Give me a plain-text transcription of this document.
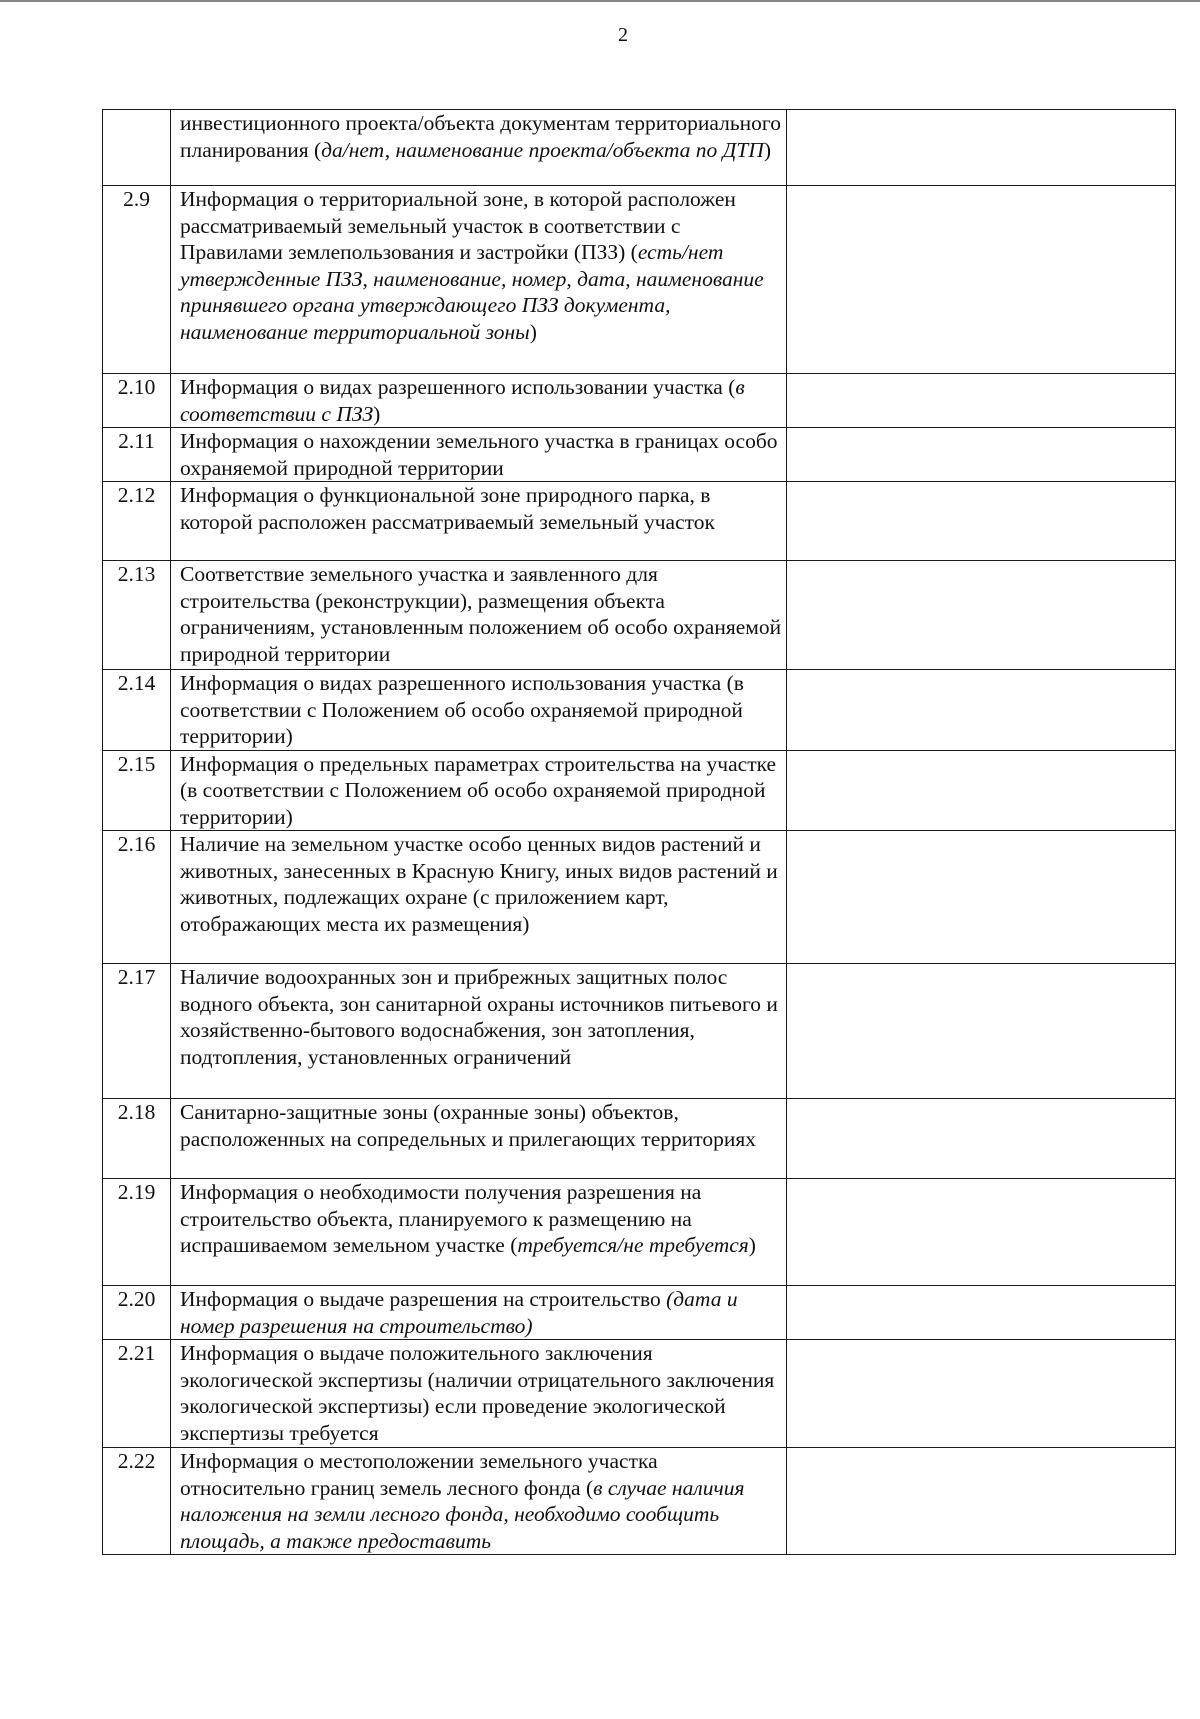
2
	инвестиционного проекта/объекта документам территориального планирования (да/нет, наименование проекта/объекта по ДТП)	
2.9	Информация о территориальной зоне, в которой расположен рассматриваемый земельный участок в соответствии с Правилами землепользования и застройки (ПЗЗ) (есть/нет утвержденные ПЗЗ, наименование, номер, дата, наименование принявшего органа утверждающего ПЗЗ документа, наименование территориальной зоны)	
2.10	Информация о видах разрешенного использовании участка (в соответствии с ПЗЗ)	
2.11	Информация о нахождении земельного участка в границах особо охраняемой природной территории	
2.12	Информация о функциональной зоне природного парка, в которой расположен рассматриваемый земельный участок	
2.13	Соответствие земельного участка и заявленного для строительства (реконструкции), размещения объекта ограничениям, установленным положением об особо охраняемой природной территории	
2.14	Информация о видах разрешенного использования участка (в соответствии с Положением об особо охраняемой природной территории)	
2.15	Информация о предельных параметрах строительства на участке (в соответствии с Положением об особо охраняемой природной территории)	
2.16	Наличие на земельном участке особо ценных видов растений и животных, занесенных в Красную Книгу, иных видов растений и животных, подлежащих охране (с приложением карт, отображающих места их размещения)	
2.17	Наличие водоохранных зон и прибрежных защитных полос водного объекта, зон санитарной охраны источников питьевого и хозяйственно-бытового водоснабжения, зон затопления, подтопления, установленных ограничений	
2.18	Санитарно-защитные зоны (охранные зоны) объектов, расположенных на сопредельных и прилегающих территориях	
2.19	Информация о необходимости получения разрешения на строительство объекта, планируемого к размещению на испрашиваемом земельном участке (требуется/не требуется)	
2.20	Информация о выдаче разрешения на строительство (дата и номер разрешения на строительство)	
2.21	Информация о выдаче положительного заключения экологической экспертизы (наличии отрицательного заключения экологической экспертизы) если проведение экологической экспертизы требуется	
2.22	Информация о местоположении земельного участка относительно границ земель лесного фонда (в случае наличия наложения на земли лесного фонда, необходимо сообщить площадь, а также предоставить	
